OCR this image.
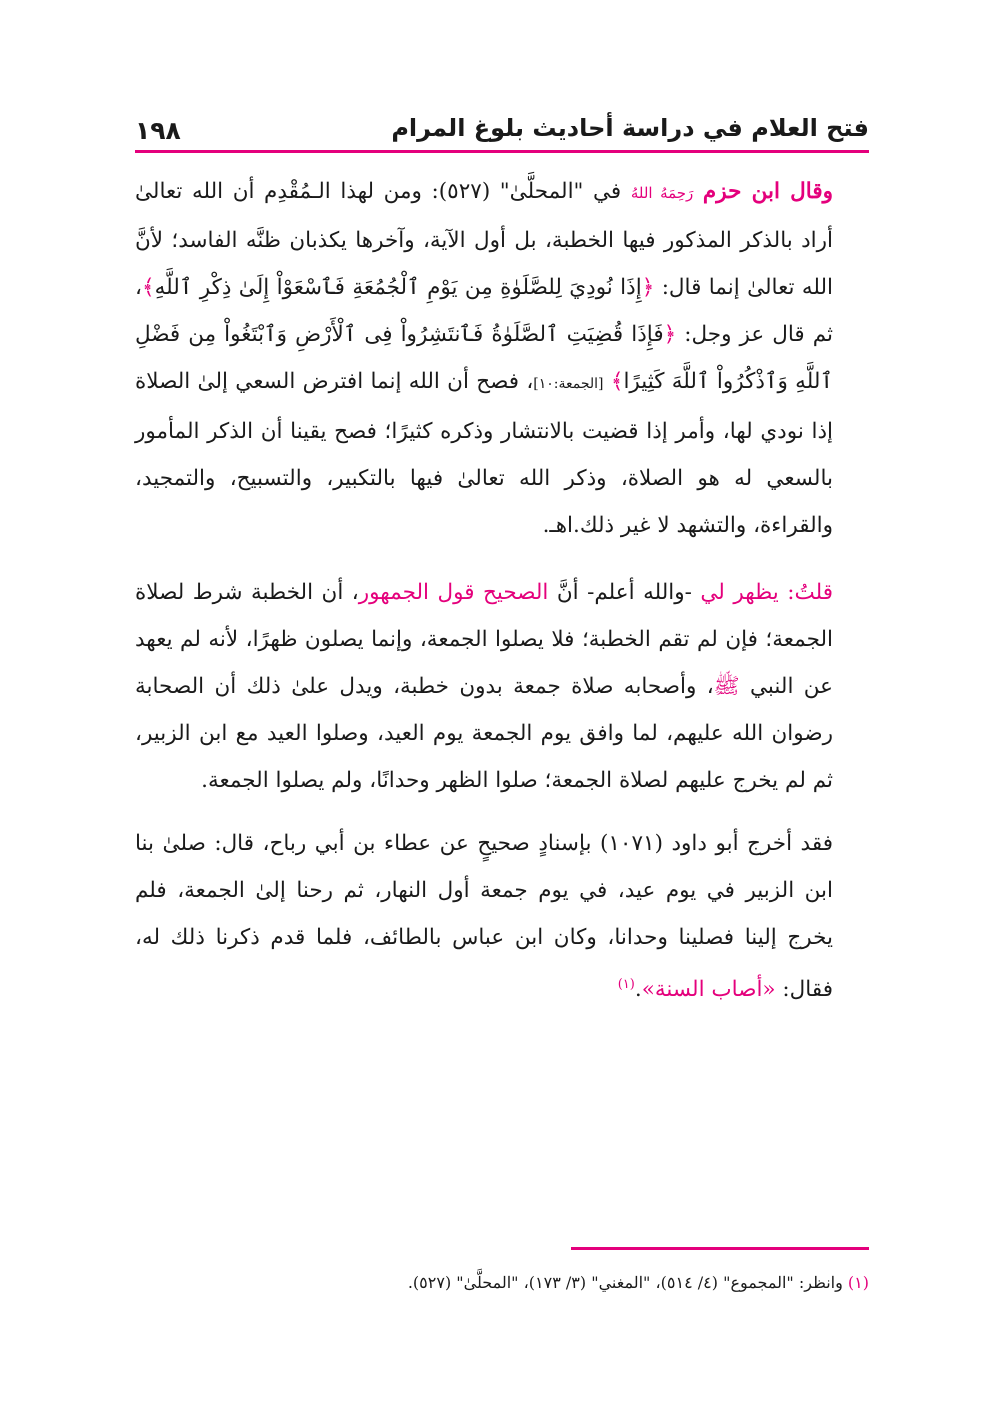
١٩٨	فتح العلام في دراسة أحاديث بلوغ المرام

وقال ابن حزم رَحِمَهُ اللهُ في "المحلَّىٰ" (٥٢٧): ومن لهذا الـمُقْدِم أن الله تعالىٰ أراد بالذكر المذكور فيها الخطبة، بل أول الآية، وآخرها يكذبان ظنَّه الفاسد؛ لأنَّ الله تعالىٰ إنما قال: ﴿إِذَا نُودِيَ لِلصَّلَوٰةِ مِن يَوْمِ ٱلْجُمُعَةِ فَٱسْعَوْاْ إِلَىٰ ذِكْرِ ٱللَّهِ﴾، ثم قال عز وجل: ﴿فَإِذَا قُضِيَتِ ٱلصَّلَوٰةُ فَٱنتَشِرُواْ فِى ٱلْأَرْضِ وَٱبْتَغُواْ مِن فَضْلِ ٱللَّهِ وَٱذْكُرُواْ ٱللَّهَ كَثِيرًا﴾ [الجمعة:١٠]، فصح أن الله إنما افترض السعي إلىٰ الصلاة إذا نودي لها، وأمر إذا قضيت بالانتشار وذكره كثيرًا؛ فصح يقينا أن الذكر المأمور بالسعي له هو الصلاة، وذكر الله تعالىٰ فيها بالتكبير، والتسبيح، والتمجيد، والقراءة، والتشهد لا غير ذلك.اهـ.

قلتُ: يظهر لي -والله أعلم- أنَّ الصحيح قول الجمهور، أن الخطبة شرط لصلاة الجمعة؛ فإن لم تقم الخطبة؛ فلا يصلوا الجمعة، وإنما يصلون ظهرًا، لأنه لم يعهد عن النبي ﷺ، وأصحابه صلاة جمعة بدون خطبة، ويدل علىٰ ذلك أن الصحابة رضوان الله عليهم، لما وافق يوم الجمعة يوم العيد، وصلوا العيد مع ابن الزبير، ثم لم يخرج عليهم لصلاة الجمعة؛ صلوا الظهر وحدانًا، ولم يصلوا الجمعة.

فقد أخرج أبو داود (١٠٧١) بإسنادٍ صحيحٍ عن عطاء بن أبي رباح، قال: صلىٰ بنا ابن الزبير في يوم عيد، في يوم جمعة أول النهار، ثم رحنا إلىٰ الجمعة، فلم يخرج إلينا فصلينا وحدانا، وكان ابن عباس بالطائف، فلما قدم ذكرنا ذلك له، فقال: «أصاب السنة».$^{(١)}$

(١) وانظر: "المجموع" (٤/ ٥١٤)، "المغني" (٣/ ١٧٣)، "المحلَّىٰ" (٥٢٧).
